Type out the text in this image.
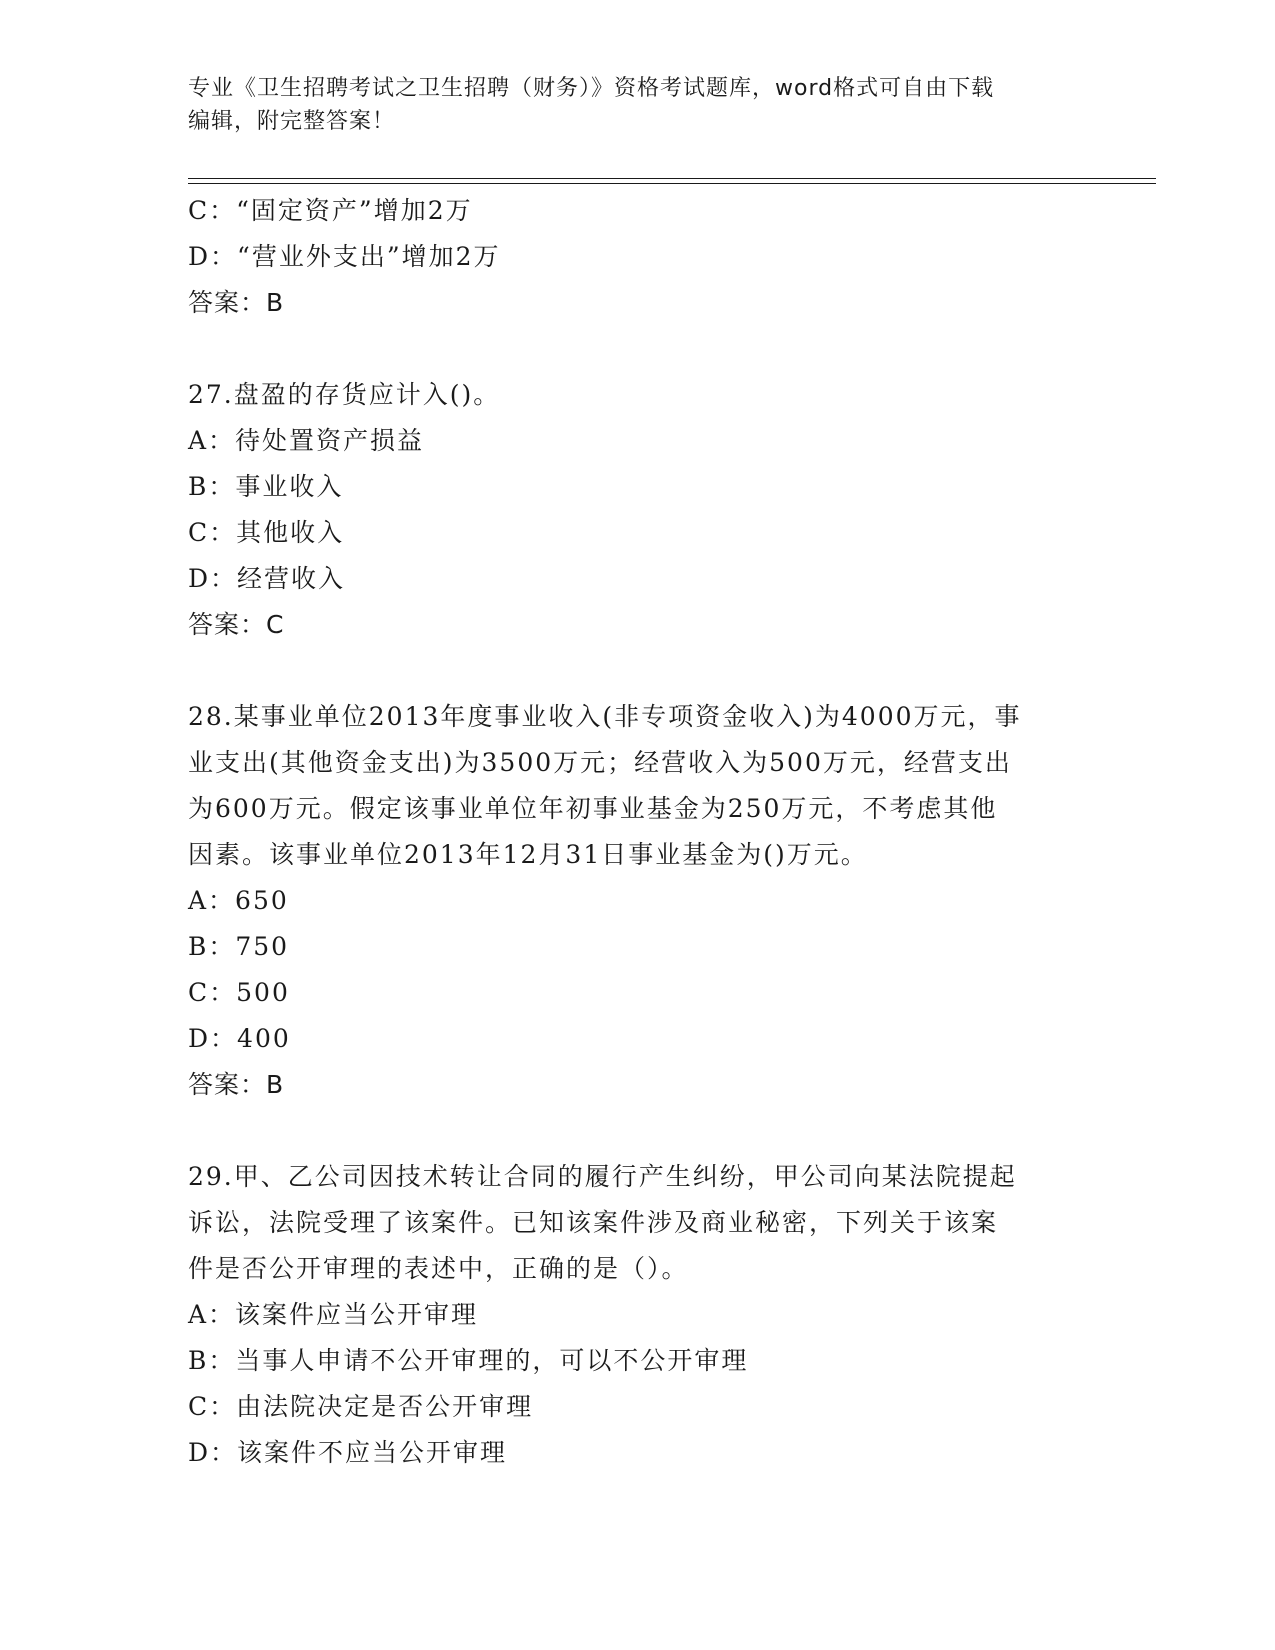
专业《卫生招聘考试之卫生招聘（财务）》资格考试题库，word格式可自由下载
编辑，附完整答案！
C：“固定资产”增加2万
D：“营业外支出”增加2万
答案：B
27.盘盈的存货应计入()。
A：待处置资产损益
B：事业收入
C：其他收入
D：经营收入
答案：C
28.某事业单位2013年度事业收入(非专项资金收入)为4000万元，事
业支出(其他资金支出)为3500万元；经营收入为500万元，经营支出
为600万元。假定该事业单位年初事业基金为250万元，不考虑其他
因素。该事业单位2013年12月31日事业基金为()万元。
A：650
B：750
C：500
D：400
答案：B
29.甲、乙公司因技术转让合同的履行产生纠纷，甲公司向某法院提起
诉讼，法院受理了该案件。已知该案件涉及商业秘密，下列关于该案
件是否公开审理的表述中，正确的是（）。
A：该案件应当公开审理
B：当事人申请不公开审理的，可以不公开审理
C：由法院决定是否公开审理
D：该案件不应当公开审理
